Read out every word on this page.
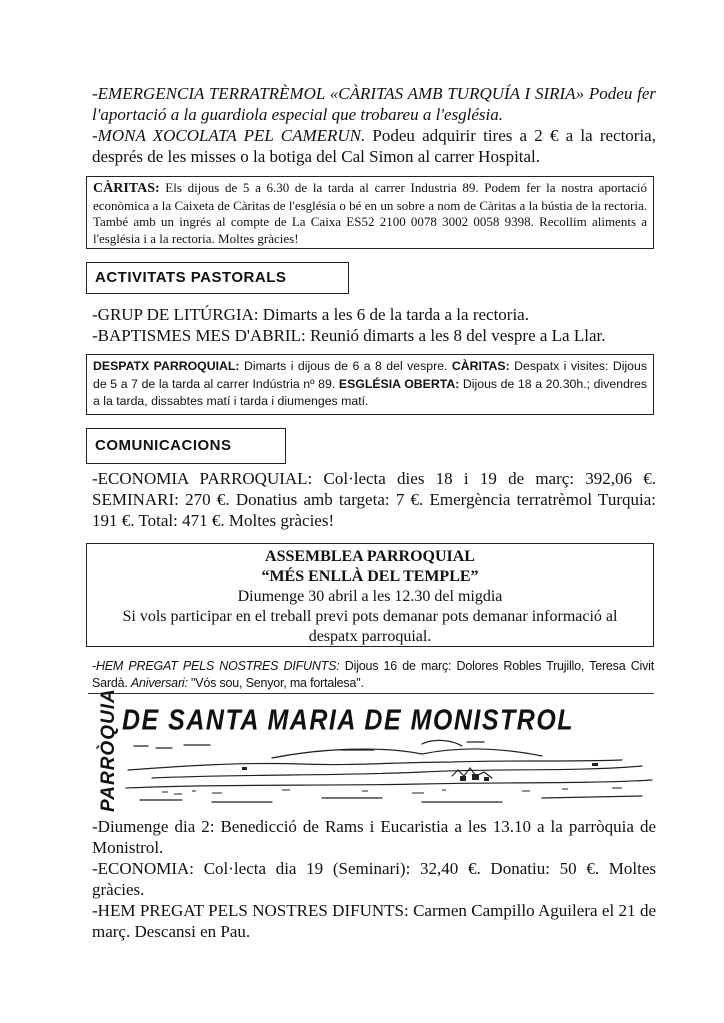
-EMERGENCIA TERRATRÈMOL «CÀRITAS AMB TURQUÍA I SIRIA» Podeu fer l'aportació a la guardiola especial que trobareu a l'església.
-MONA XOCOLATA PEL CAMERUN. Podeu adquirir tires a 2 € a la rectoria, després de les misses o la botiga del Cal Simon al carrer Hospital.
CÀRITAS: Els dijous de 5 a 6.30 de la tarda al carrer Industria 89. Podem fer la nostra aportació econòmica a la Caixeta de Càritas de l'església o bé en un sobre a nom de Càritas a la bústia de la rectoria. També amb un ingrés al compte de La Caixa ES52 2100 0078 3002 0058 9398. Recollim aliments a l'església i a la rectoria. Moltes gràcies!
ACTIVITATS PASTORALS
-GRUP DE LITÚRGIA: Dimarts a les 6 de la tarda a la rectoria.
-BAPTISMES MES D'ABRIL: Reunió dimarts a les 8 del vespre a La Llar.
DESPATX PARROQUIAL: Dimarts i dijous de 6 a 8 del vespre. CÀRITAS: Despatx i visites: Dijous de 5 a 7 de la tarda al carrer Indústria nº 89. ESGLÉSIA OBERTA: Dijous de 18 a 20.30h.; divendres a la tarda, dissabtes matí i tarda i diumenges matí.
COMUNICACIONS
-ECONOMIA PARROQUIAL: Col·lecta dies 18 i 19 de març: 392,06 €. SEMINARI: 270 €. Donatius amb targeta: 7 €. Emergència terratrèmol Turquia: 191 €. Total: 471 €. Moltes gràcies!
ASSEMBLEA PARROQUIAL
“MÉS ENLLÀ DEL TEMPLE”
Diumenge 30 abril a les 12.30 del migdia
Si vols participar en el treball previ pots demanar pots demanar informació al despatx parroquial.
-HEM PREGAT PELS NOSTRES DIFUNTS: Dijous 16 de març: Dolores Robles Trujillo, Teresa Civit Sardà. Aniversari: "Vós sou, Senyor, ma fortalesa".
PARRÒQUIA DE SANTA MARIA DE MONISTROL
-Diumenge dia 2: Benedicció de Rams i Eucaristia a les 13.10 a la parròquia de Monistrol.
-ECONOMIA: Col·lecta dia 19 (Seminari): 32,40 €. Donatiu: 50 €. Moltes gràcies.
-HEM PREGAT PELS NOSTRES DIFUNTS: Carmen Campillo Aguilera el 21 de març. Descansi en Pau.
